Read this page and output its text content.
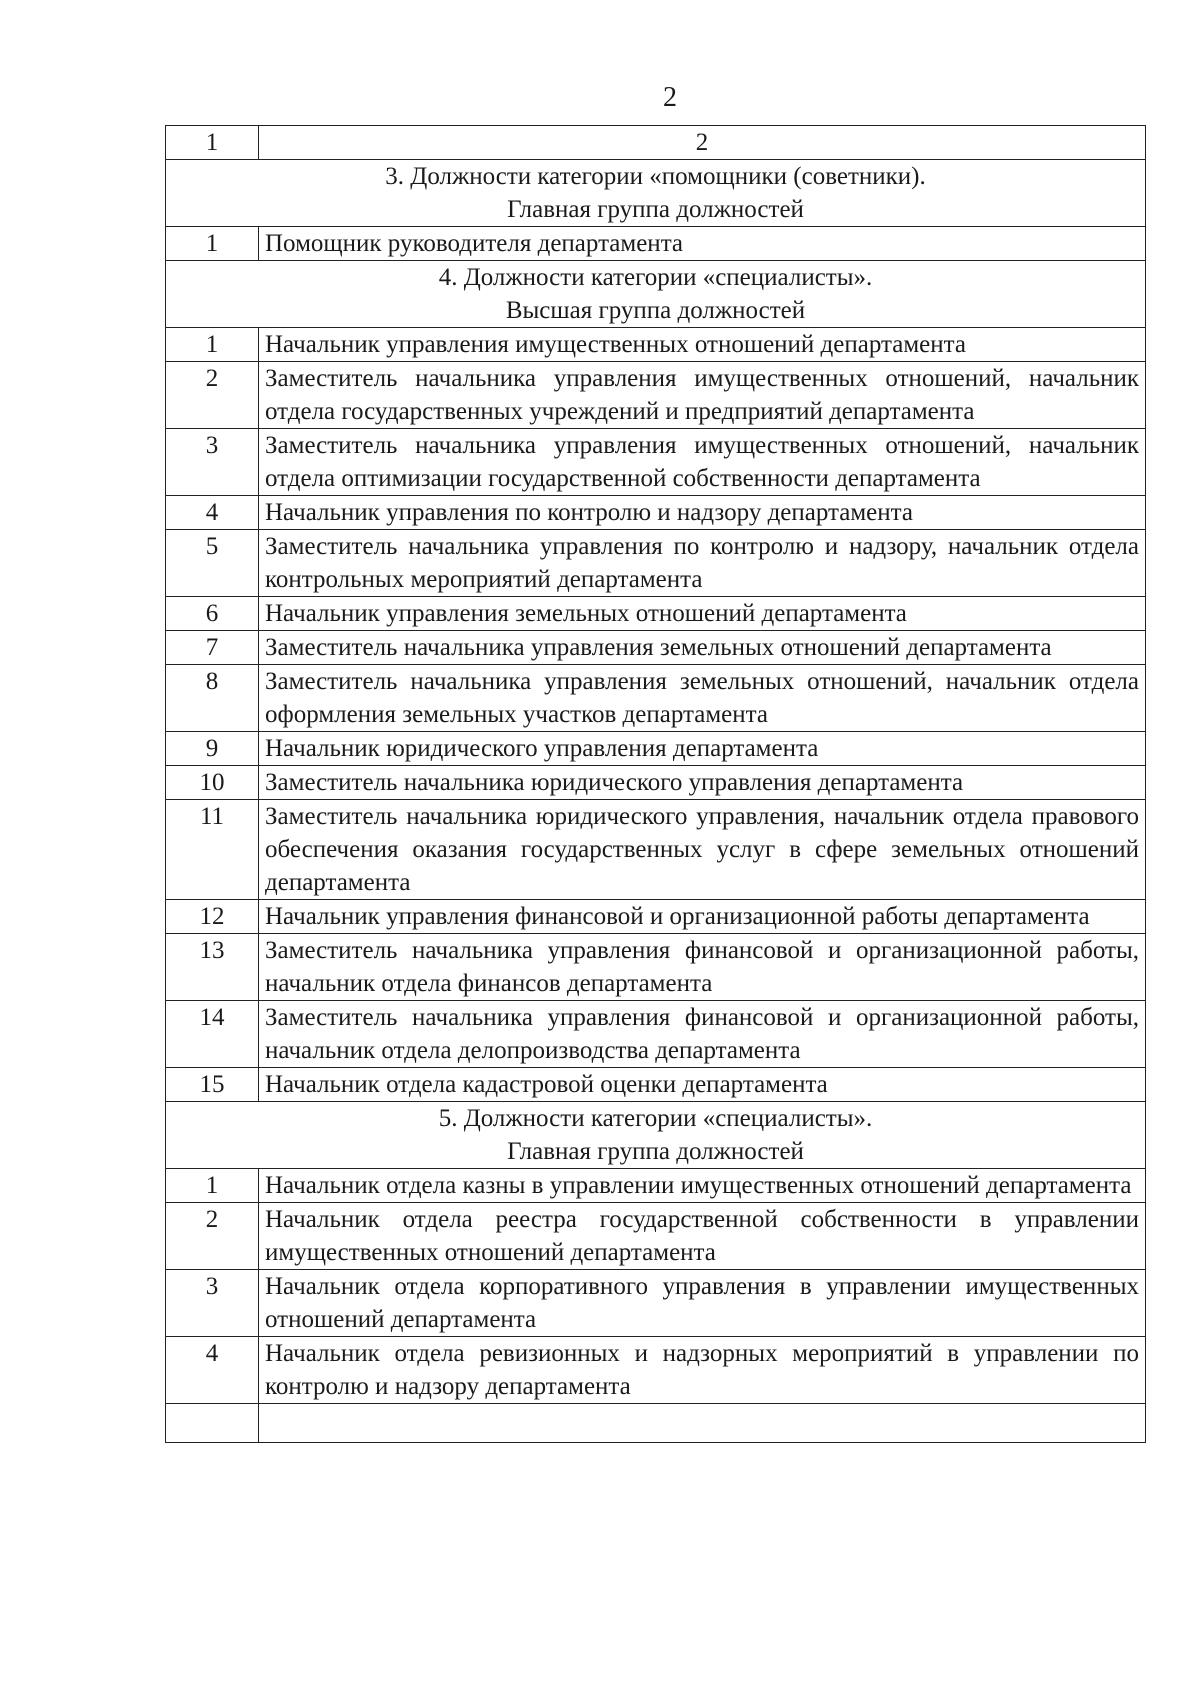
2
1	2

3. Должности категории «помощники (советники).
Главная группа должностей	

1	Помощник руководителя департамента

4. Должности категории «специалисты».
Высшая группа должностей	

1	Начальник управления имущественных отношений департамента
2	Заместитель начальника управления имущественных отношений, начальник отдела государственных учреждений и предприятий департамента
3	Заместитель начальника управления имущественных отношений, начальник отдела оптимизации государственной собственности департамента
4	Начальник управления по контролю и надзору департамента
5	Заместитель начальника управления по контролю и надзору, начальник отдела контрольных мероприятий департамента
6	Начальник управления земельных отношений департамента
7	Заместитель начальника управления земельных отношений департамента
8	Заместитель начальника управления земельных отношений, начальник отдела оформления земельных участков департамента
9	Начальник юридического управления департамента
10	Заместитель начальника юридического управления департамента
11	Заместитель начальника юридического управления, начальник отдела правового обеспечения оказания государственных услуг в сфере земельных отношений департамента
12	Начальник управления финансовой и организационной работы департамента
13	Заместитель начальника управления финансовой и организационной работы, начальник отдела финансов департамента
14	Заместитель начальника управления финансовой и организационной работы, начальник отдела делопроизводства департамента
15	Начальник отдела кадастровой оценки департамента

5. Должности категории «специалисты».
Главная группа должностей	

1	Начальник отдела казны в управлении имущественных отношений департамента
2	Начальник отдела реестра государственной собственности в управлении имущественных отношений департамента
3	Начальник отдела корпоративного управления в управлении имущественных отношений департамента
4	Начальник отдела ревизионных и надзорных мероприятий в управлении по контролю и надзору департамента
